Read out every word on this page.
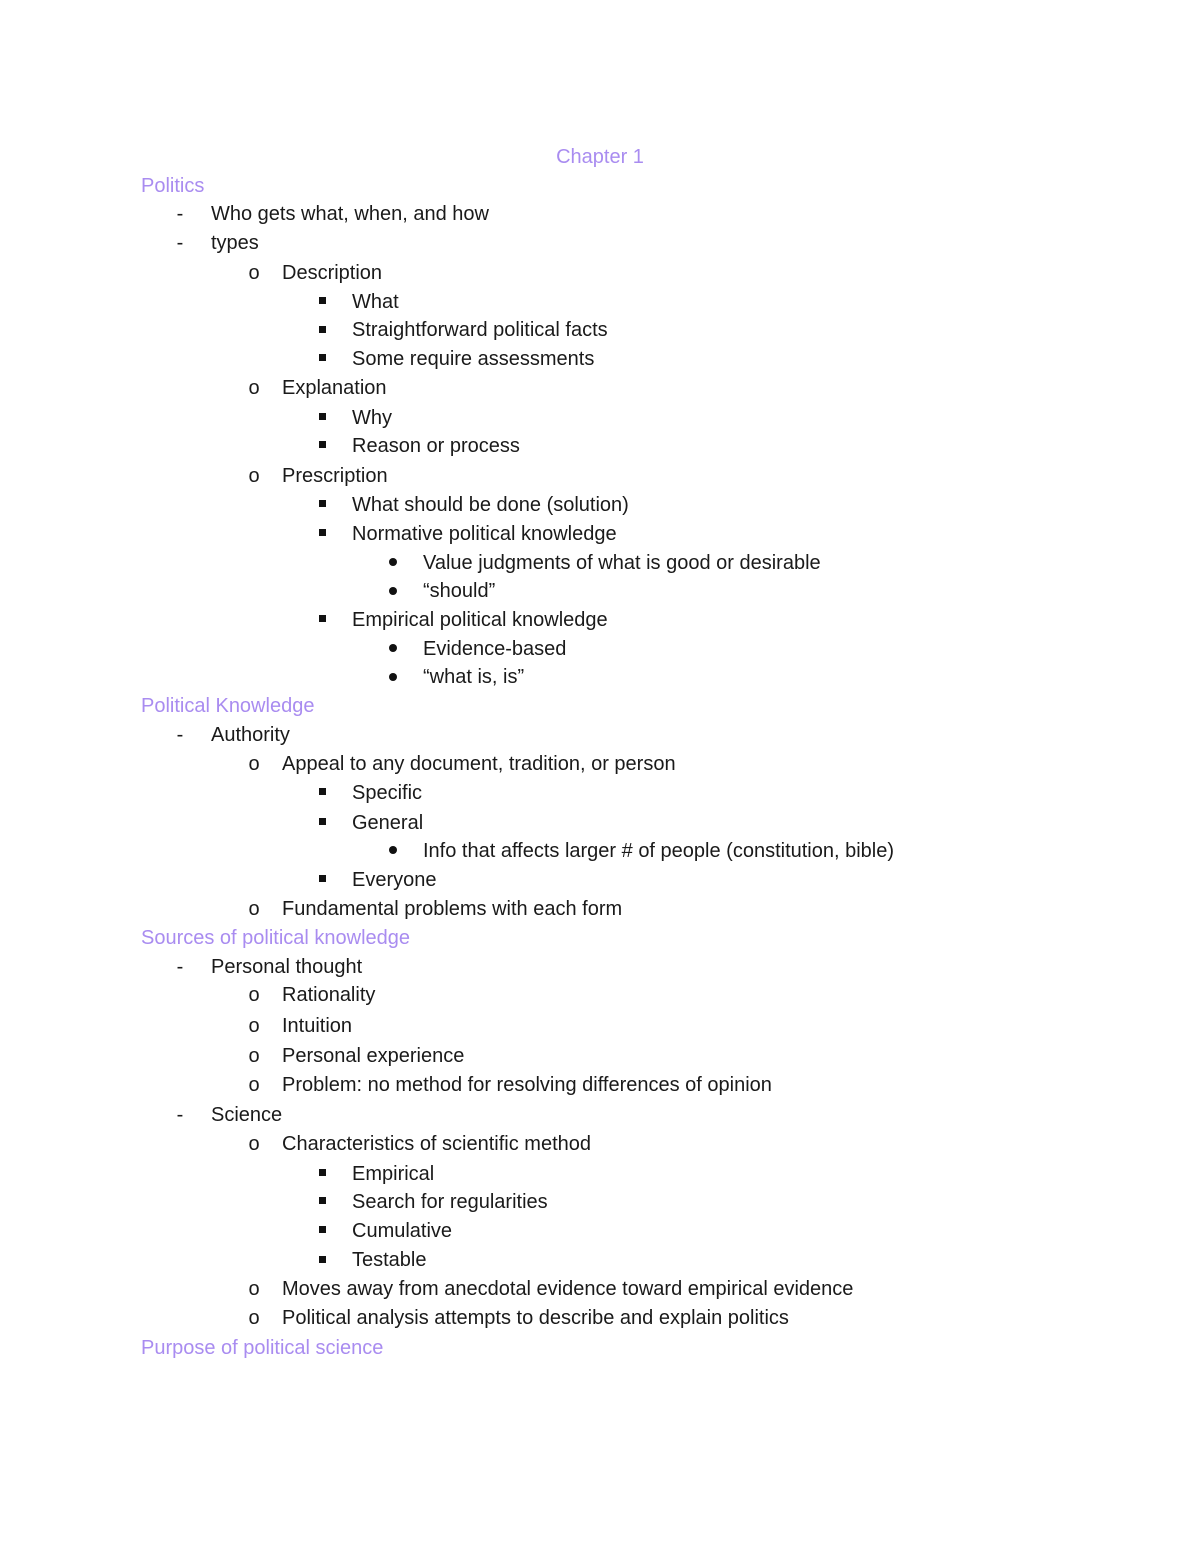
Chapter 1
Politics
- Who gets what, when, and how
- types
o Description
What
Straightforward political facts
Some require assessments
o Explanation
Why
Reason or process
o Prescription
What should be done (solution)
Normative political knowledge
Value judgments of what is good or desirable
“should”
Empirical political knowledge
Evidence-based
“what is, is”
Political Knowledge
- Authority
o Appeal to any document, tradition, or person
Specific
General
Info that affects larger # of people (constitution, bible)
Everyone
o Fundamental problems with each form
Sources of political knowledge
- Personal thought
o Rationality
o Intuition
o Personal experience
o Problem: no method for resolving differences of opinion
- Science
o Characteristics of scientific method
Empirical
Search for regularities
Cumulative
Testable
o Moves away from anecdotal evidence toward empirical evidence
o Political analysis attempts to describe and explain politics
Purpose of political science
